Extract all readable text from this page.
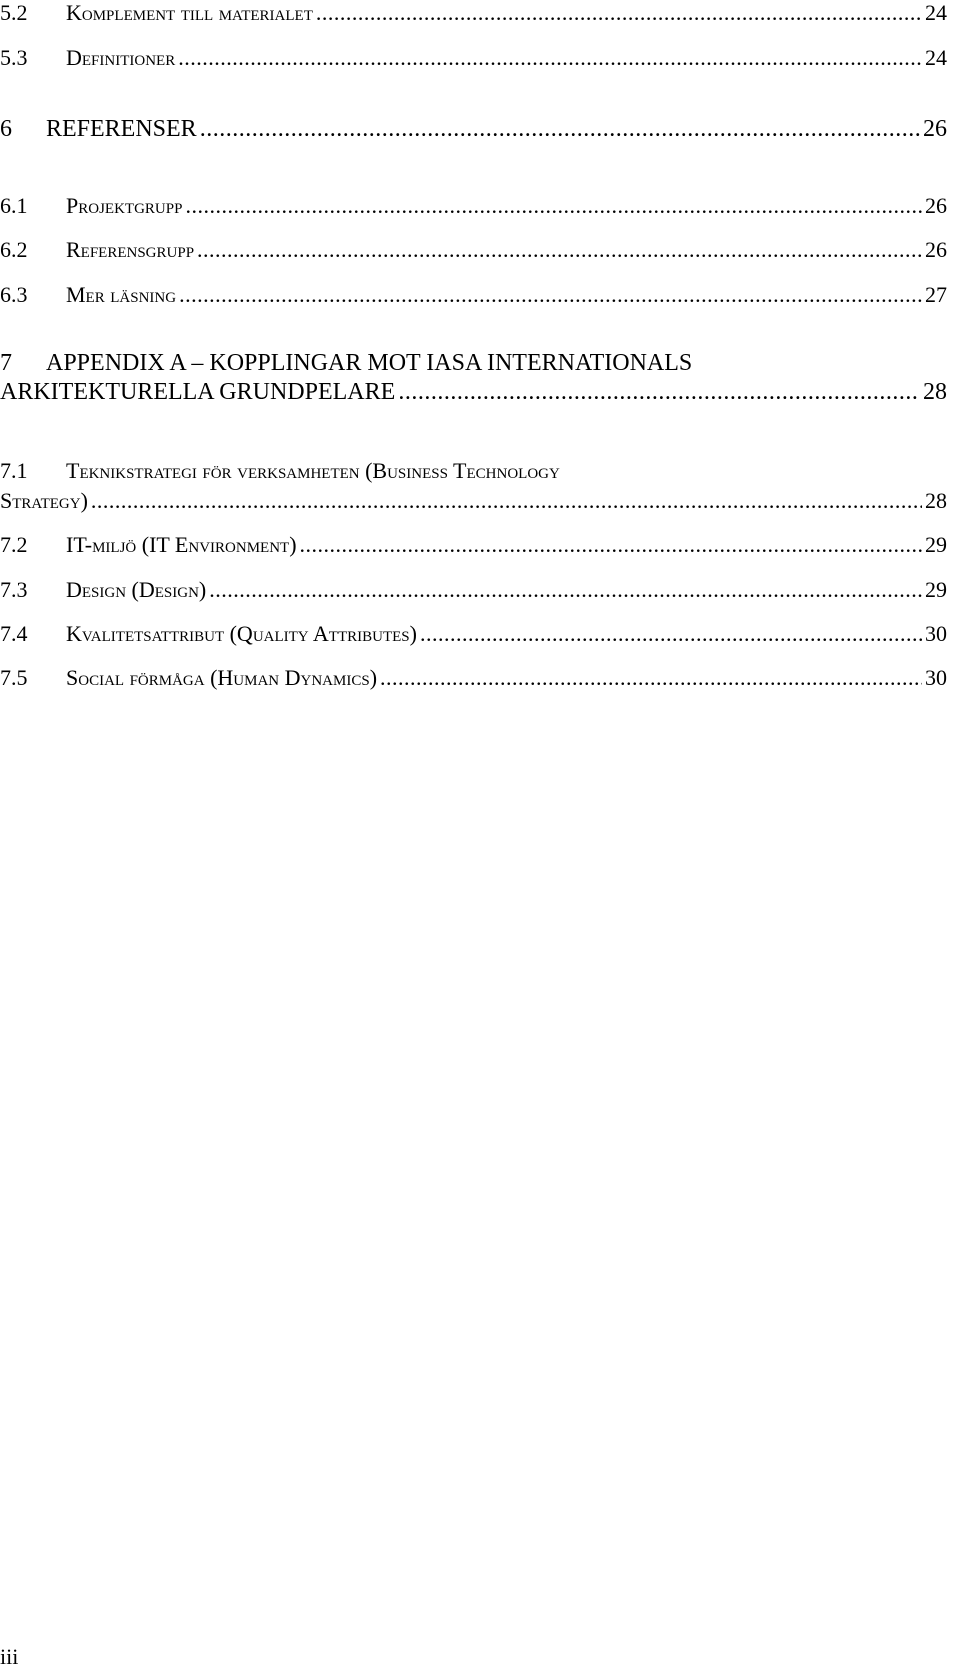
5.2	Komplement till materialet .....	24
5.3	Definitioner .....	24
6	REFERENSER .....	26
6.1	Projektgrupp .....	26
6.2	Referensgrupp .....	26
6.3	Mer läsning .....	27
7	APPENDIX A – KOPPLINGAR MOT IASA INTERNATIONALS
ARKITEKTURELLA GRUNDPELARE .....	28
7.1	Teknikstrategi för verksamheten (Business Technology
Strategy) .....	28
7.2	IT-miljö (IT Environment) .....	29
7.3	Design (Design) .....	29
7.4	Kvalitetsattribut (Quality Attributes) .....	30
7.5	Social förmåga (Human Dynamics) .....	30
iii
